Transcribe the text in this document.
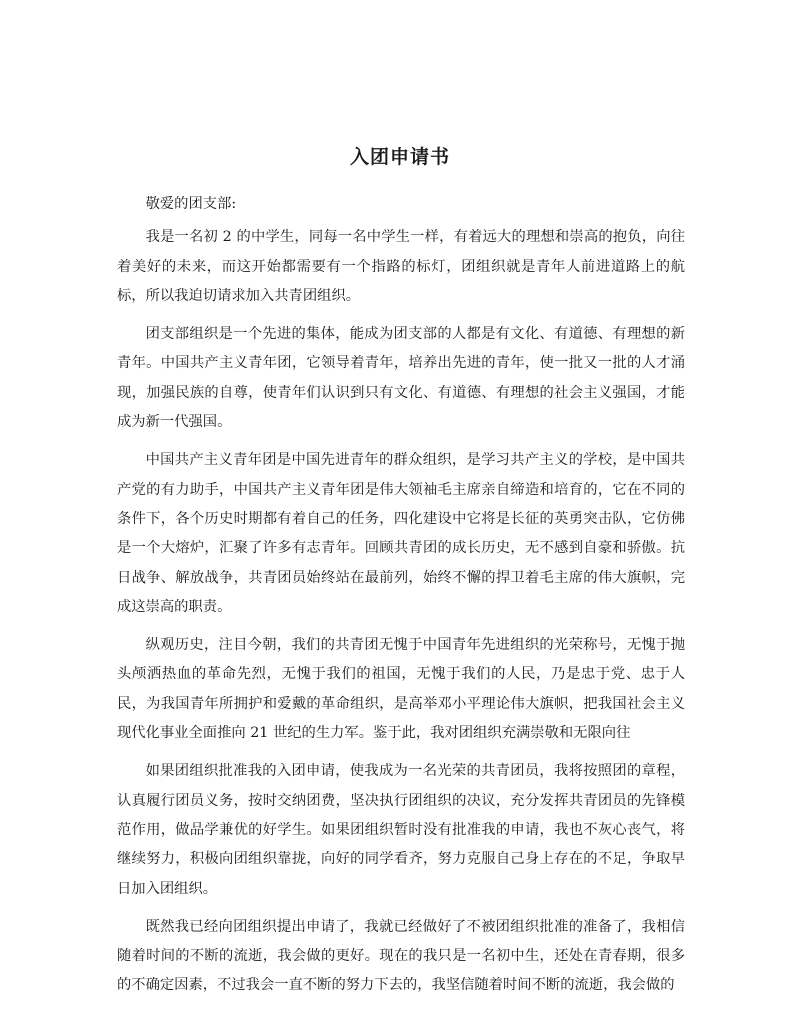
入团申请书

敬爱的团支部:

我是一名初 2 的中学生，同每一名中学生一样，有着远大的理想和崇高的抱负，向往着美好的未来，而这开始都需要有一个指路的标灯，团组织就是青年人前进道路上的航标，所以我迫切请求加入共青团组织。

团支部组织是一个先进的集体，能成为团支部的人都是有文化、有道德、有理想的新青年。中国共产主义青年团，它领导着青年，培养出先进的青年，使一批又一批的人才涌现，加强民族的自尊，使青年们认识到只有文化、有道德、有理想的社会主义强国，才能成为新一代强国。

中国共产主义青年团是中国先进青年的群众组织，是学习共产主义的学校，是中国共产党的有力助手，中国共产主义青年团是伟大领袖毛主席亲自缔造和培育的，它在不同的条件下，各个历史时期都有着自己的任务，四化建设中它将是长征的英勇突击队，它仿佛是一个大熔炉，汇聚了许多有志青年。回顾共青团的成长历史，无不感到自豪和骄傲。抗日战争、解放战争，共青团员始终站在最前列，始终不懈的捍卫着毛主席的伟大旗帜，完成这崇高的职责。

纵观历史，注目今朝，我们的共青团无愧于中国青年先进组织的光荣称号，无愧于抛头颅洒热血的革命先烈，无愧于我们的祖国，无愧于我们的人民，乃是忠于党、忠于人民，为我国青年所拥护和爱戴的革命组织，是高举邓小平理论伟大旗帜，把我国社会主义现代化事业全面推向 21 世纪的生力军。鉴于此，我对团组织充满崇敬和无限向往

如果团组织批准我的入团申请，使我成为一名光荣的共青团员，我将按照团的章程，认真履行团员义务，按时交纳团费，坚决执行团组织的决议，充分发挥共青团员的先锋模范作用，做品学兼优的好学生。如果团组织暂时没有批准我的申请，我也不灰心丧气，将继续努力，积极向团组织靠拢，向好的同学看齐，努力克服自己身上存在的不足，争取早日加入团组织。

既然我已经向团组织提出申请了，我就已经做好了不被团组织批准的准备了，我相信随着时间的不断的流逝，我会做的更好。现在的我只是一名初中生，还处在青春期，很多的不确定因素，不过我会一直不断的努力下去的，我坚信随着时间不断的流逝，我会做的
